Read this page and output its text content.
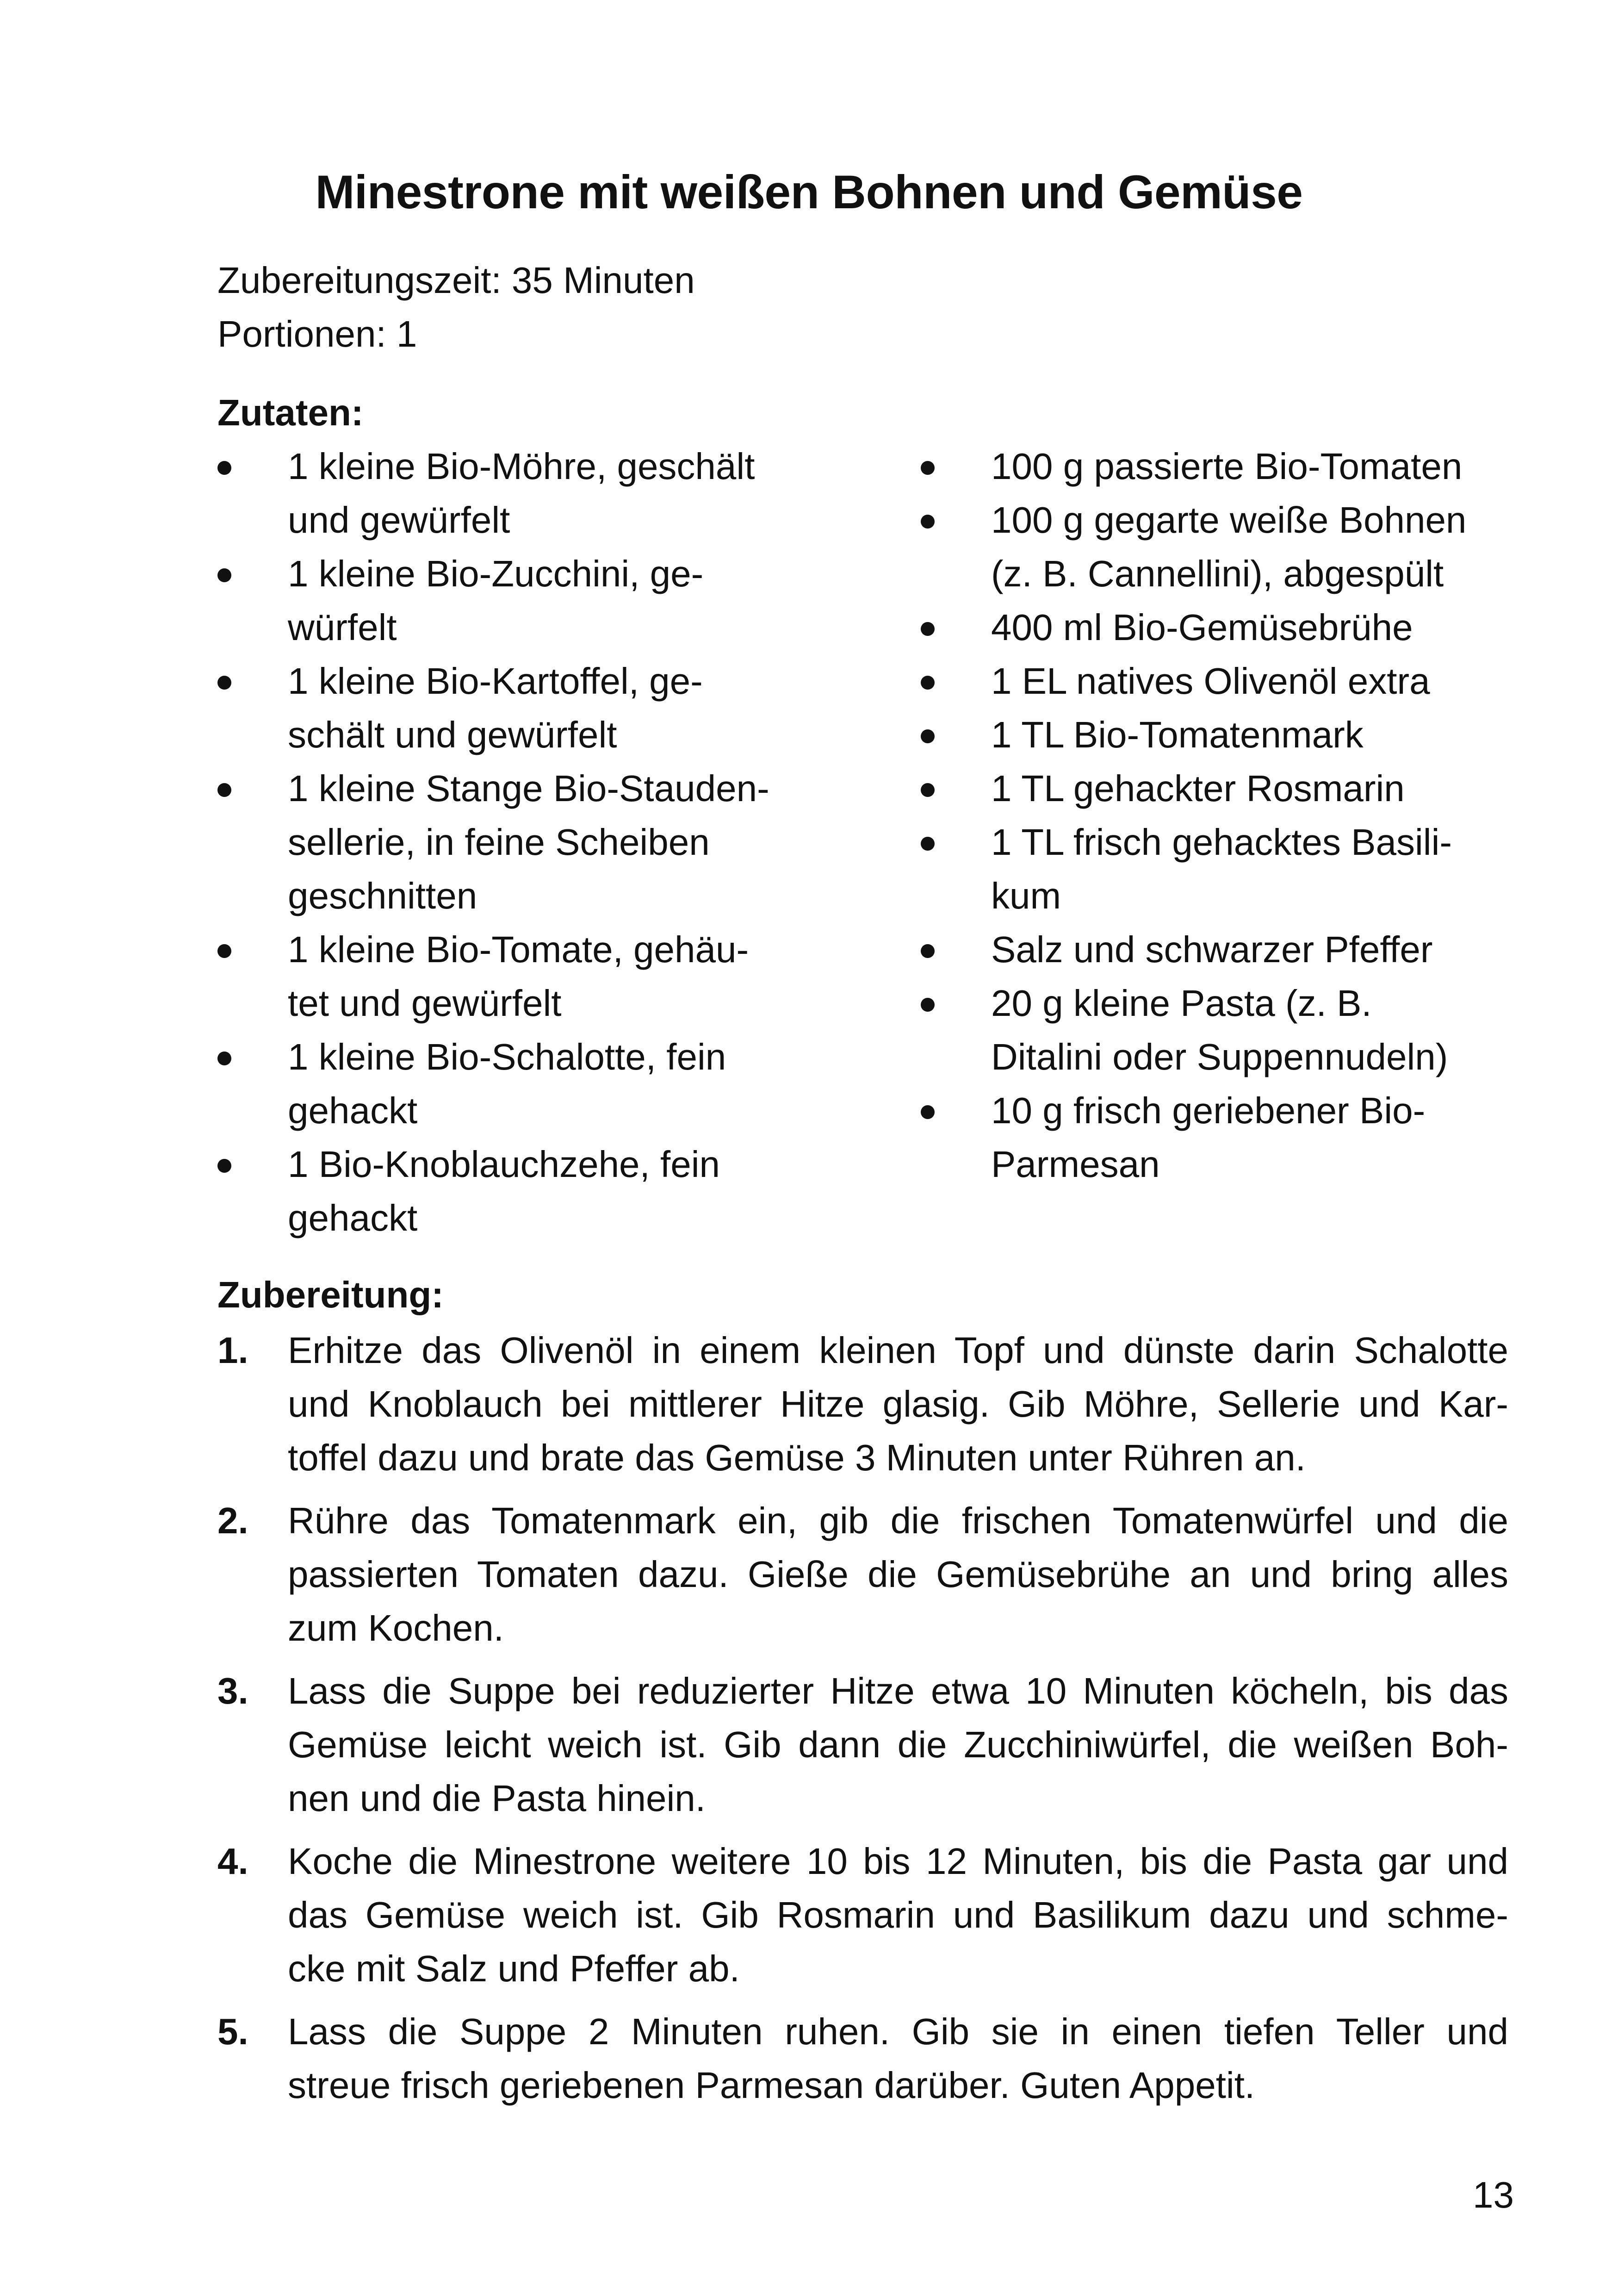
Minestrone mit weißen Bohnen und Gemüse
Zubereitungszeit: 35 Minuten
Portionen: 1
Zutaten:
1 kleine Bio-Möhre, geschält
und gewürfelt
1 kleine Bio-Zucchini, ge-
würfelt
1 kleine Bio-Kartoffel, ge-
schält und gewürfelt
1 kleine Stange Bio-Stauden-
sellerie, in feine Scheiben
geschnitten
1 kleine Bio-Tomate, gehäu-
tet und gewürfelt
1 kleine Bio-Schalotte, fein
gehackt
1 Bio-Knoblauchzehe, fein
gehackt
100 g passierte Bio-Tomaten
100 g gegarte weiße Bohnen
(z. B. Cannellini), abgespült
400 ml Bio-Gemüsebrühe
1 EL natives Olivenöl extra
1 TL Bio-Tomatenmark
1 TL gehackter Rosmarin
1 TL frisch gehacktes Basili-
kum
Salz und schwarzer Pfeffer
20 g kleine Pasta (z. B.
Ditalini oder Suppennudeln)
10 g frisch geriebener Bio-
Parmesan
Zubereitung:
1. Erhitze das Olivenöl in einem kleinen Topf und dünste darin Schalotte
und Knoblauch bei mittlerer Hitze glasig. Gib Möhre, Sellerie und Kar-
toffel dazu und brate das Gemüse 3 Minuten unter Rühren an.
2. Rühre das Tomatenmark ein, gib die frischen Tomatenwürfel und die
passierten Tomaten dazu. Gieße die Gemüsebrühe an und bring alles
zum Kochen.
3. Lass die Suppe bei reduzierter Hitze etwa 10 Minuten köcheln, bis das
Gemüse leicht weich ist. Gib dann die Zucchiniwürfel, die weißen Boh-
nen und die Pasta hinein.
4. Koche die Minestrone weitere 10 bis 12 Minuten, bis die Pasta gar und
das Gemüse weich ist. Gib Rosmarin und Basilikum dazu und schme-
cke mit Salz und Pfeffer ab.
5. Lass die Suppe 2 Minuten ruhen. Gib sie in einen tiefen Teller und
streue frisch geriebenen Parmesan darüber. Guten Appetit.
13
